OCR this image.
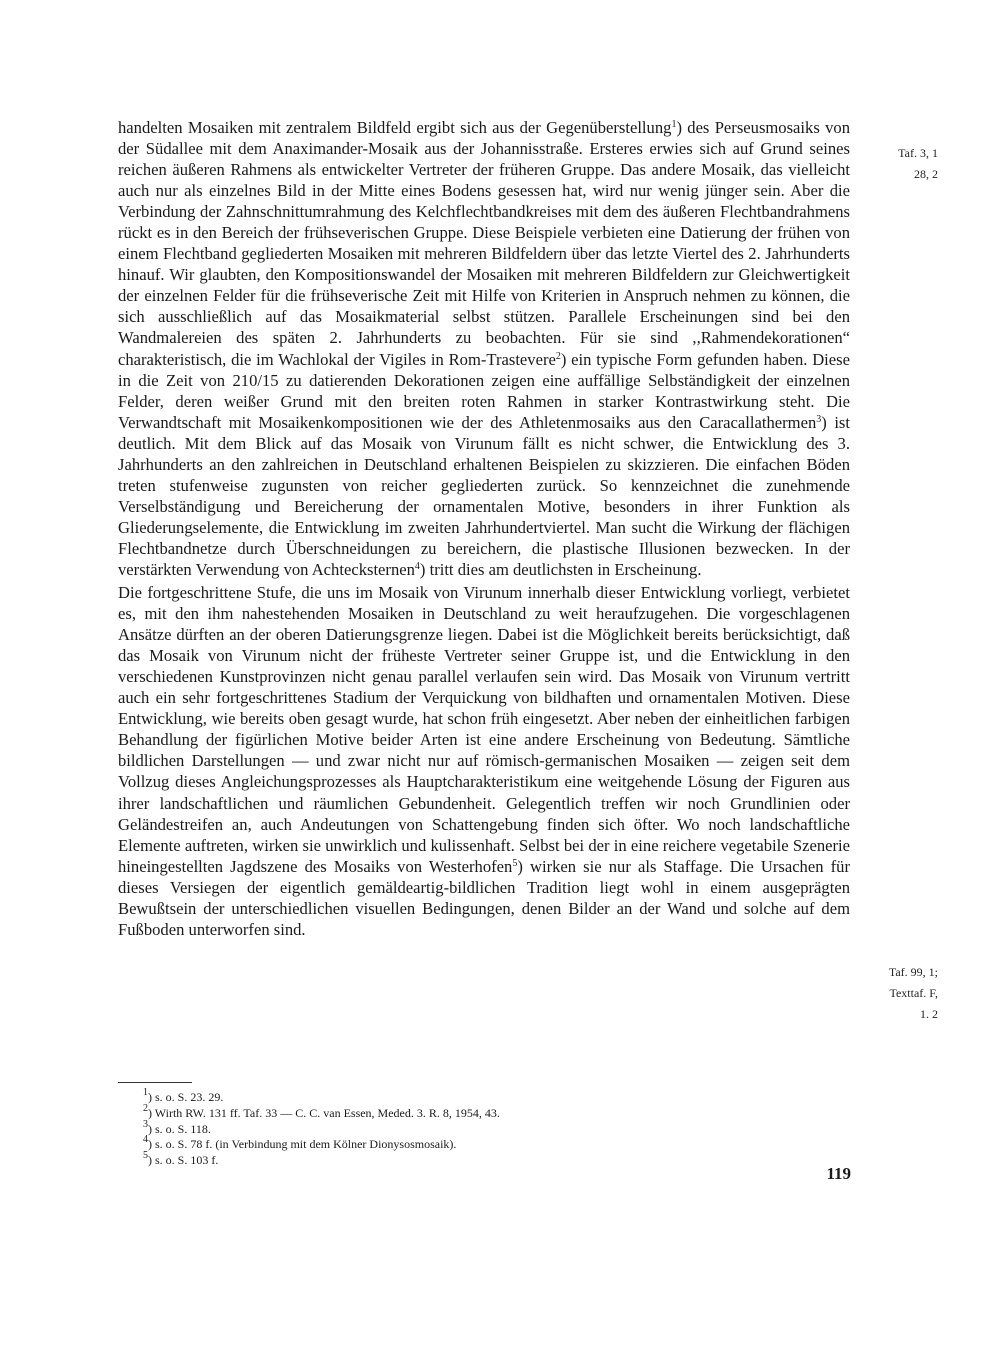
handelten Mosaiken mit zentralem Bildfeld ergibt sich aus der Gegenüberstellung$^1$) des Perseusmosaiks von der Südallee mit dem Anaximander-Mosaik aus der Johannisstraße. Ersteres erwies sich auf Grund seines reichen äußeren Rahmens als entwickelter Vertreter der früheren Gruppe. Das andere Mosaik, das vielleicht auch nur als einzelnes Bild in der Mitte eines Bodens gesessen hat, wird nur wenig jünger sein. Aber die Verbindung der Zahnschnittumrahmung des Kelchflechtbandkreises mit dem des äußeren Flechtbandrahmens rückt es in den Bereich der frühseverischen Gruppe. Diese Beispiele verbieten eine Datierung der frühen von einem Flechtband gegliederten Mosaiken mit mehreren Bildfeldern über das letzte Viertel des 2. Jahrhunderts hinauf. Wir glaubten, den Kompositionswandel der Mosaiken mit mehreren Bildfeldern zur Gleichwertigkeit der einzelnen Felder für die frühseverische Zeit mit Hilfe von Kriterien in Anspruch nehmen zu können, die sich ausschließlich auf das Mosaikmaterial selbst stützen. Parallele Erscheinungen sind bei den Wandmalereien des späten 2. Jahrhunderts zu beobachten. Für sie sind ,,Rahmendekorationen“ charakteristisch, die im Wachlokal der Vigiles in Rom-Trastevere$^2$) ein typische Form gefunden haben. Diese in die Zeit von 210/15 zu datierenden Dekorationen zeigen eine auffällige Selbständigkeit der einzelnen Felder, deren weißer Grund mit den breiten roten Rahmen in starker Kontrastwirkung steht. Die Verwandtschaft mit Mosaikenkompositionen wie der des Athletenmosaiks aus den Caracallathermen$^3$) ist deutlich. Mit dem Blick auf das Mosaik von Virunum fällt es nicht schwer, die Entwicklung des 3. Jahrhunderts an den zahlreichen in Deutschland erhaltenen Beispielen zu skizzieren. Die einfachen Böden treten stufenweise zugunsten von reicher gegliederten zurück. So kennzeichnet die zunehmende Verselbständigung und Bereicherung der ornamentalen Motive, besonders in ihrer Funktion als Gliederungselemente, die Entwicklung im zweiten Jahrhundertviertel. Man sucht die Wirkung der flächigen Flechtbandnetze durch Überschneidungen zu bereichern, die plastische Illusionen bezwecken. In der verstärkten Verwendung von Achtecksternen$^4$) tritt dies am deutlichsten in Erscheinung.

Die fortgeschrittene Stufe, die uns im Mosaik von Virunum innerhalb dieser Entwicklung vorliegt, verbietet es, mit den ihm nahestehenden Mosaiken in Deutschland zu weit heraufzugehen. Die vorgeschlagenen Ansätze dürften an der oberen Datierungsgrenze liegen. Dabei ist die Möglichkeit bereits berücksichtigt, daß das Mosaik von Virunum nicht der früheste Vertreter seiner Gruppe ist, und die Entwicklung in den verschiedenen Kunstprovinzen nicht genau parallel verlaufen sein wird. Das Mosaik von Virunum vertritt auch ein sehr fortgeschrittenes Stadium der Verquickung von bildhaften und ornamentalen Motiven. Diese Entwicklung, wie bereits oben gesagt wurde, hat schon früh eingesetzt. Aber neben der einheitlichen farbigen Behandlung der figürlichen Motive beider Arten ist eine andere Erscheinung von Bedeutung. Sämtliche bildlichen Darstellungen — und zwar nicht nur auf römisch-germanischen Mosaiken — zeigen seit dem Vollzug dieses Angleichungsprozesses als Hauptcharakteristikum eine weitgehende Lösung der Figuren aus ihrer landschaftlichen und räumlichen Gebundenheit. Gelegentlich treffen wir noch Grundlinien oder Geländestreifen an, auch Andeutungen von Schattengebung finden sich öfter. Wo noch landschaftliche Elemente auftreten, wirken sie unwirklich und kulissenhaft. Selbst bei der in eine reichere vegetabile Szenerie hineingestellten Jagdszene des Mosaiks von Westerhofen$^5$) wirken sie nur als Staffage. Die Ursachen für dieses Versiegen der eigentlich gemäldeartig-bildlichen Tradition liegt wohl in einem ausgeprägten Bewußtsein der unterschiedlichen visuellen Bedingungen, denen Bilder an der Wand und solche auf dem Fußboden unterworfen sind.

Taf. 3, 1
28, 2
Taf. 99, 1;
Texttaf. F,
1. 2

$^1$) s. o. S. 23. 29.

$^2$) Wirth RW. 131 ff. Taf. 33 — C. C. van Essen, Meded. 3. R. 8, 1954, 43.

$^3$) s. o. S. 118.

$^4$) s. o. S. 78 f. (in Verbindung mit dem Kölner Dionysosmosaik).

$^5$) s. o. S. 103 f.

119
